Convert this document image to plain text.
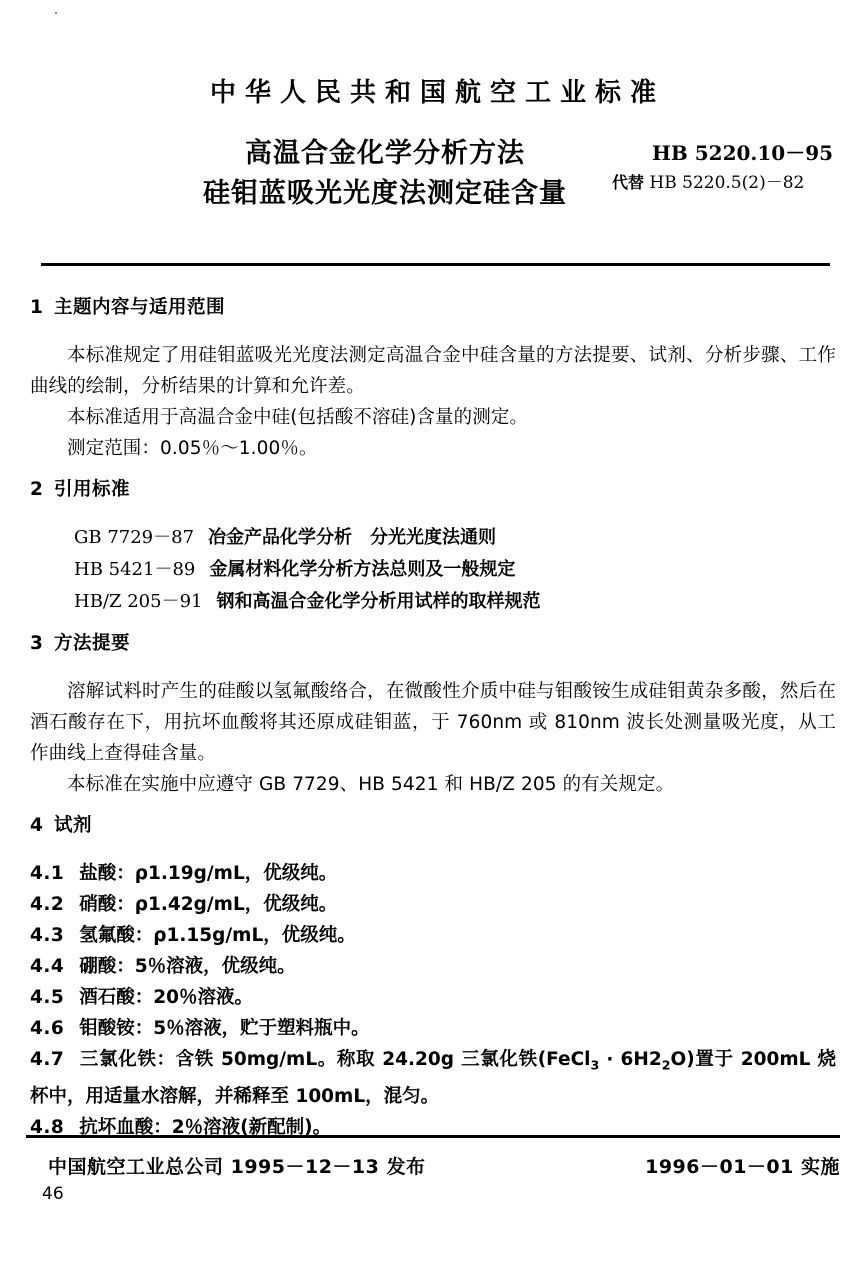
中华人民共和国航空工业标准
高温合金化学分析方法
硅钼蓝吸光光度法测定硅含量
HB 5220.10－95
代替 HB 5220.5(2)－82
1 主题内容与适用范围

本标准规定了用硅钼蓝吸光光度法测定高温合金中硅含量的方法提要、试剂、分析步骤、工作曲线的绘制，分析结果的计算和允许差。

本标准适用于高温合金中硅(包括酸不溶硅)含量的测定。

测定范围：0.05％～1.00％。

2 引用标准
GB 7729－87 冶金产品化学分析 分光光度法通则
HB 5421－89 金属材料化学分析方法总则及一般规定
HB/Z 205－91 钢和高温合金化学分析用试样的取样规范
3 方法提要

溶解试料时产生的硅酸以氢氟酸络合，在微酸性介质中硅与钼酸铵生成硅钼黄杂多酸，然后在酒石酸存在下，用抗坏血酸将其还原成硅钼蓝，于 760nm 或 810nm 波长处测量吸光度，从工作曲线上查得硅含量。

本标准在实施中应遵守 GB 7729、HB 5421 和 HB/Z 205 的有关规定。

4 试剂

4.1 盐酸：ρ1.19g/mL，优级纯。

4.2 硝酸：ρ1.42g/mL，优级纯。

4.3 氢氟酸：ρ1.15g/mL，优级纯。

4.4 硼酸：5％溶液，优级纯。

4.5 酒石酸：20％溶液。

4.6 钼酸铵：5％溶液，贮于塑料瓶中。

4.7 三氯化铁：含铁 50mg/mL。称取 24.20g 三氯化铁(FeCl$_3$ · $6H2_2O$)置于 200mL 烧杯中，用适量水溶解，并稀释至 100mL，混匀。

4.8 抗坏血酸：2％溶液(新配制)。

中国航空工业总公司 1995－12－13 发布	1996－01－01 实施
46
